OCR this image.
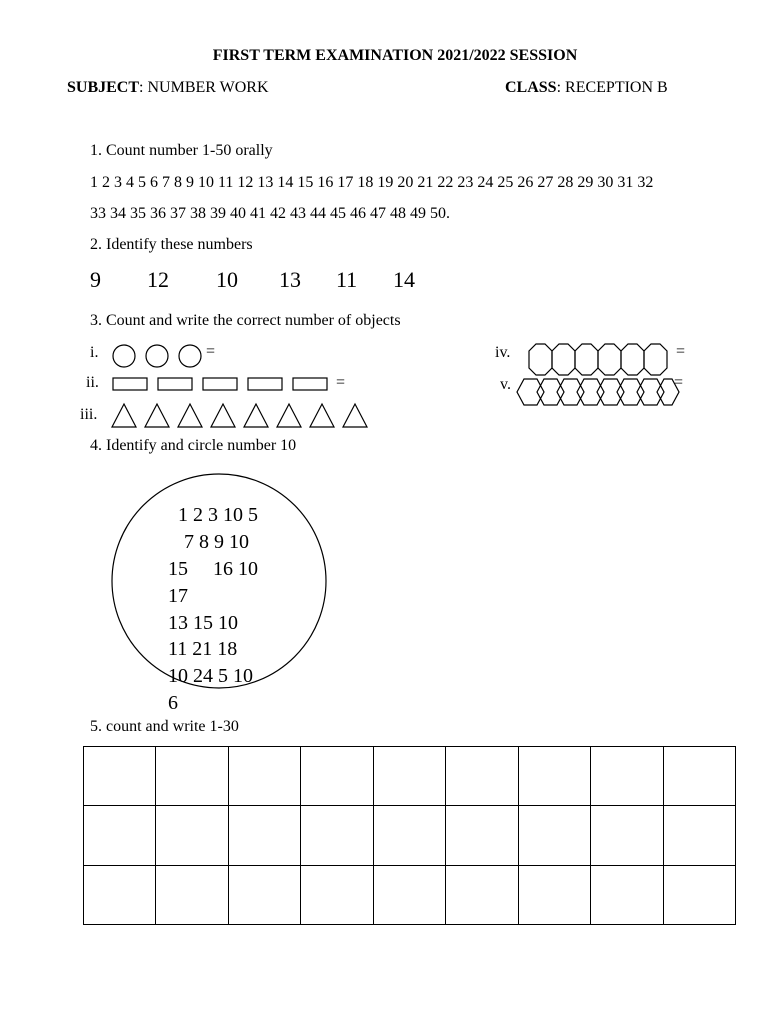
FIRST TERM EXAMINATION 2021/2022 SESSION
SUBJECT: NUMBER WORK	CLASS: RECEPTION B
1. Count number 1-50 orally
1 2 3 4 5 6 7 8 9 10 11 12 13 14 15 16 17 18 19 20 21 22 23 24 25 26 27 28 29 30 31 32
33 34 35 36 37 38 39 40 41 42 43 44 45 46 47 48 49 50.
2. Identify these numbers
9 12 10 13 11 14
3. Count and write the correct number of objects
i.	=
ii.	=
iii.
iv.	=
v.	=
4. Identify and circle number 10
1 2 3 10 5
7 8 9 10
15     16 10
17
13 15 10
11 21 18
10 24 5 10
6
5. count and write 1-30
